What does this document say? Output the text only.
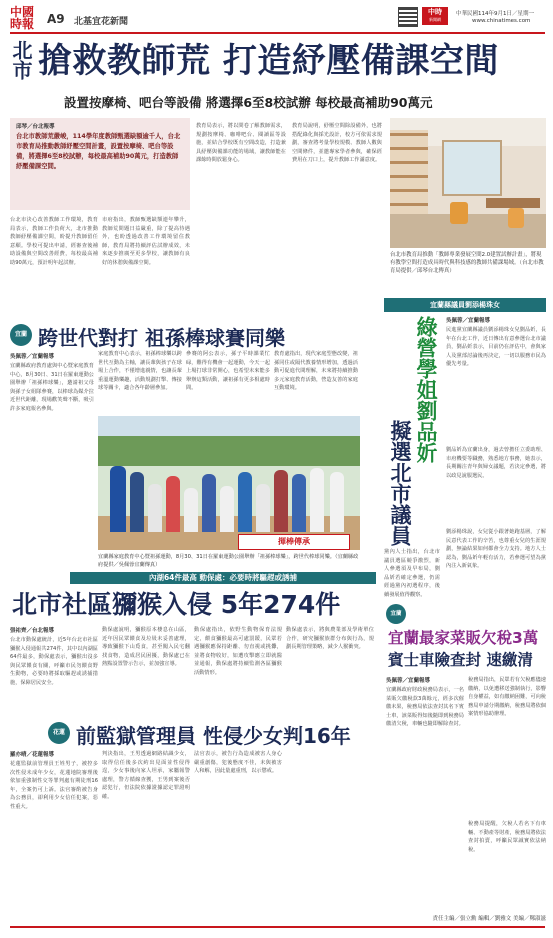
中國
時報	A9 北基宜花新聞
中時
新聞網
中華民國114年9月1日／星期一
www.chinatimes.com
北市 搶救教師荒 打造紓壓備課空間
設置按摩椅、吧台等設備 將選擇6至8校試辦 每校最高補助90萬元
邱琴／台北報導
台北市教師荒嚴峻，114學年度教師甄選缺額逾千人，台北市教育局推動教師紓壓空間計畫，設置按摩椅、吧台等設備，將選擇6至8校試辦，每校最高補助90萬元，打造教師紓壓備課空間。
台北市決心改善教師工作環境，教育局表示，教師工作負荷大，北市推動教師紓壓備課空間，盼提升教師留任意願。學校可提出申請，經審查後補助設備與空間改善經費，每校最高補助90萬元，預計明年起試辦。
市府指出，教師甄選缺額連年攀升，教師荒問題日益嚴重，除了提高待遇外，也盼透過改善工作環境留住教師，教育局將持續評估試辦成效，未來逐步推廣至更多學校，讓教師有良好的休憩與備課空間。
教育局表示，將以問卷了解教師需求，規劃按摩椅、咖啡吧台、閱讀區等設施，並結合學校既有空間改造，打造兼具紓壓與備課功能的場域，讓教師能在課餘時間放鬆身心。
教育局說明，紓壓空間除設備外，也將搭配綠化與採光設計，校方可依需求規劃，審查將考量學校規模、教師人數與空間條件，並邀專家學者參與，確保經費用在刀口上，提升教師工作滿意度。
台北市教育局推動「教師專業發展空間2.0建置試辦計畫」，將現有教學空間打造成具時代與科技感的教師共備課場域。（台北市教育局提供／邱琴台北傳真）
宜蘭 跨世代對打 祖孫棒球賽同樂
吳佩蓉／宜蘭報導
宜蘭縣政府教育處與中心暨家庭教育中心，8月30日、31日在羅東運動公園舉辦「祖孫棒球樂」，邀請祖父母與孫子女組隊參賽，以棒球為媒介拉近世代距離，現場歡笑聲不斷，吸引許多家庭報名參與。
家庭教育中心表示，祖孫棒球樂以跨世代互動為主軸，讓長輩與孩子在球場上合作，不僅增進親情，也讓長輩重溫運動樂趣，活動規劃打擊、傳接球等關卡，適合各年齡層參加。
參賽的阿公表示，孫子平時課業忙碌，難得有機會一起運動，今天一起上場打球非常開心，也希望未來能多舉辦這類活動，讓祖孫有更多相處時間。
教育處指出，現代家庭型態改變，祖孫同住或隔代教養情形增加，透過活動可促進代間理解，未來將持續推動多元家庭教育活動，營造友善的家庭互動環境。
揮棒傳承
宜蘭縣家庭教育中心暨祖孫運動，8月30、31日在羅東運動公園舉辦「祖孫棒球樂」，跨世代棒球同樂。（宜蘭縣政府提供／吳佩蓉宜蘭傳真）
宜蘭縣議員劉添楊珠女
綠營學姐劉品妡
擬選北市議員
吳佩蓉／宜蘭報導
民進黨宜蘭縣議員劉添楊珠女兒劉品妡，長年在台北工作，近日傳出有意參選台北市議員，劉品妡表示，目前仍在評估中，會與家人及黨部討論後再決定，一切以服務市民為優先考量。
劉品妡為宜蘭出身，過去曾擔任立委助理、市府機要等職務，熟悉地方事務，她表示，長期關注青年與婦女議題，若決定參選，將以政見說服選民。
劉添楊珠說，女兒從小跟著她跑基層，了解民意代表工作的辛苦，也尊重女兒的生涯規劃，無論結果如何都會全力支持。地方人士認為，劉品妡年輕有活力，若參選可望為黨內注入新氣象。
黨內人士指出，台北市議員選區競爭激烈，新人參選須及早布局，劉品妡若確定參選，仍需經過黨內初選程序，後續發展值得觀察。
內湖64件最高 動保處：必要時將驅趕或誘捕
北市社區獼猴入侵 5年274件
張祐齊／台北報導
台北市動保處統計，近5年台北市社區獼猴入侵通報共274件，其中以內湖區64件最多，動保處表示，獼猴出沒多與民眾餵食有關，呼籲市民勿餵食野生動物，必要時將採取驅趕或誘捕措施，保障居民安全。
動保處說明，獼猴原本棲息在山區，近年因民眾餵食及垃圾未妥善處理，導致獼猴下山覓食，甚至闖入民宅翻找食物，造成居民困擾，動保處已在熱點設置警示告示，並加強宣導。
動保處指出，依野生動物保育法規定，餵食獼猴最高可處罰鍰，民眾若遇獼猴應保持距離、勿直視或挑釁，並將食物收好，如遭攻擊應立即就醫並通報，動保處將持續監測各區獼猴活動情形。
動保處表示，將與農業部及學術單位合作，研究獼猴族群分布與行為，規劃長期管理策略，減少人猴衝突。
花蓮 前監獄管理員 性侵少女判16年
羅亦晴／花蓮報導
花蓮監獄前管理員王姓男子，被控多次性侵未成年少女，花蓮地院審理後依加重強制性交等罪判處有期徒刑16年，全案仍可上訴。法官審酌被告身為公務員，卻利用少女信任犯案，惡性重大。
判決指出，王男透過網路結識少女，取得信任後多次約出見面並性侵得逞，少女事後向家人坦承，家屬報警處理，警方循線查獲，王男到案後否認犯行，但法院依據證據認定罪證明確。
法官表示，被告行為造成被害人身心嚴重創傷，犯後態度不佳，未與被害人和解，因此量處重刑，以示懲戒。
宜蘭
宜蘭最家菜販欠稅3萬
賓士車險查封 速繳清
吳佩蓉／宜蘭報導
宜蘭縣政府財政稅務局表示，一名菜販欠繳稅款3萬餘元，經多次催繳未果，稅務局依法查封其名下賓士車，該菜販得知後隨即到稅務局繳清欠稅，車輛也隨即解除查封。
稅務局指出，民眾若有欠稅應儘速繳納，以免遭移送強制執行，影響自身權益，如有繳納困難，可向稅務局申請分期繳納，稅務局將依個案情形協助辦理。
稅務局提醒，欠稅人若名下有車輛、不動產等財產，稅務局將依法查封拍賣，呼籲民眾誠實依法納稅。
責任主編／張立勳 編輯／劉雅文 美編／鄭淑滋
